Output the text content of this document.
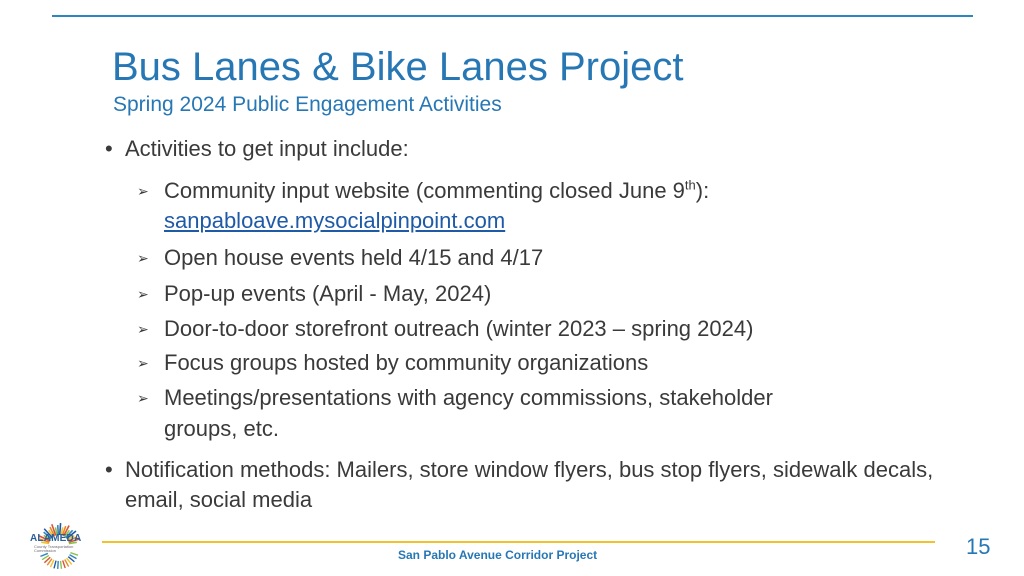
Bus Lanes & Bike Lanes Project
Spring 2024 Public Engagement Activities
• Activities to get input include:
➢ Community input website (commenting closed June 9th):
sanpabloave.mysocialpinpoint.com
➢ Open house events held 4/15 and 4/17
➢ Pop-up events (April - May, 2024)
➢ Door-to-door storefront outreach (winter 2023 – spring 2024)
➢ Focus groups hosted by community organizations
➢ Meetings/presentations with agency commissions, stakeholder
groups, etc.
• Notification methods: Mailers, store window flyers, bus stop flyers, sidewalk decals, email, social media
ALAMEDA
County Transportation Commission	San Pablo Avenue Corridor Project	15
